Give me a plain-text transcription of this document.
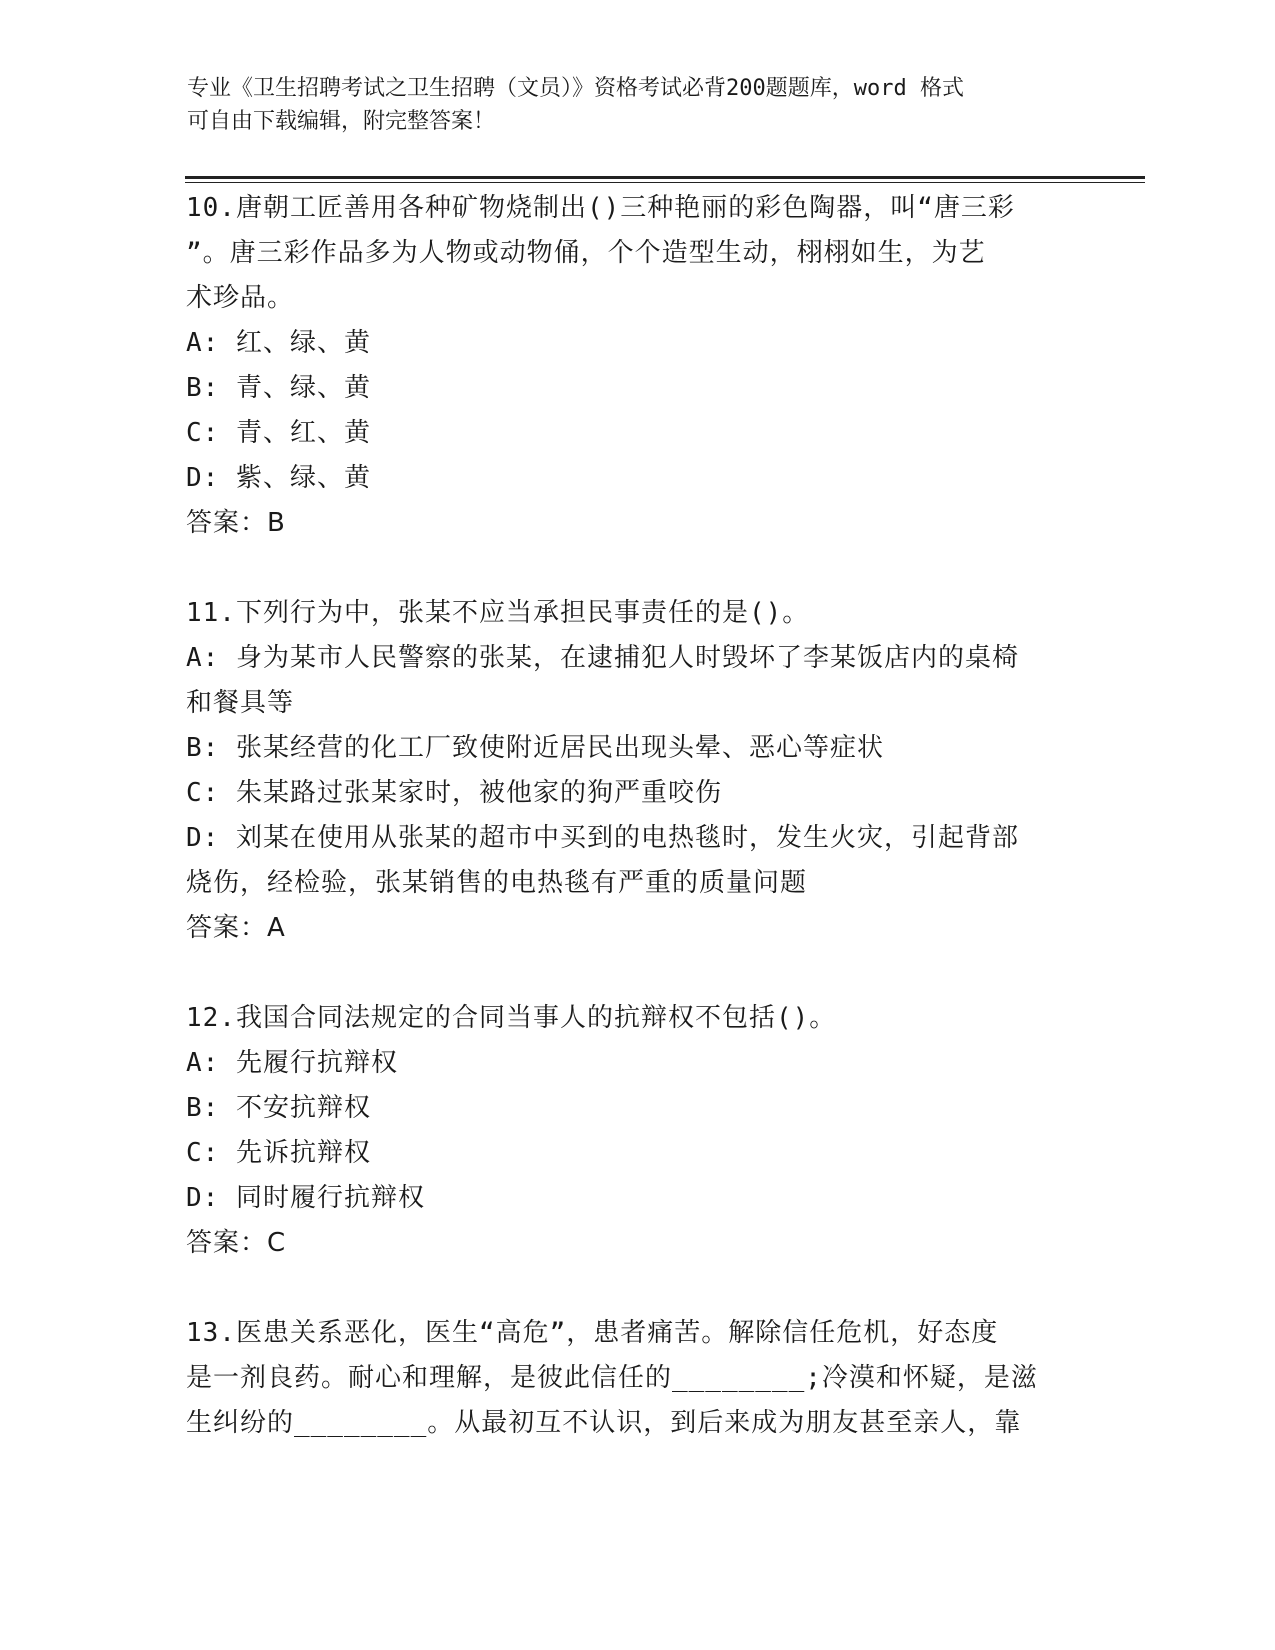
专业《卫生招聘考试之卫生招聘（文员）》资格考试必背200题题库，word 格式
可自由下载编辑，附完整答案！

10.唐朝工匠善用各种矿物烧制出()三种艳丽的彩色陶器，叫“唐三彩

”。唐三彩作品多为人物或动物俑，个个造型生动，栩栩如生，为艺

术珍品。

A: 红、绿、黄

B: 青、绿、黄

C: 青、红、黄

D: 紫、绿、黄

答案：B

11.下列行为中，张某不应当承担民事责任的是()。

A: 身为某市人民警察的张某，在逮捕犯人时毁坏了李某饭店内的桌椅

和餐具等

B: 张某经营的化工厂致使附近居民出现头晕、恶心等症状

C: 朱某路过张某家时，被他家的狗严重咬伤

D: 刘某在使用从张某的超市中买到的电热毯时，发生火灾，引起背部

烧伤，经检验，张某销售的电热毯有严重的质量问题

答案：A

12.我国合同法规定的合同当事人的抗辩权不包括()。

A: 先履行抗辩权

B: 不安抗辩权

C: 先诉抗辩权

D: 同时履行抗辩权

答案：C

13.医患关系恶化，医生“高危”，患者痛苦。解除信任危机，好态度

是一剂良药。耐心和理解，是彼此信任的________;冷漠和怀疑，是滋

生纠纷的________。从最初互不认识，到后来成为朋友甚至亲人，靠
